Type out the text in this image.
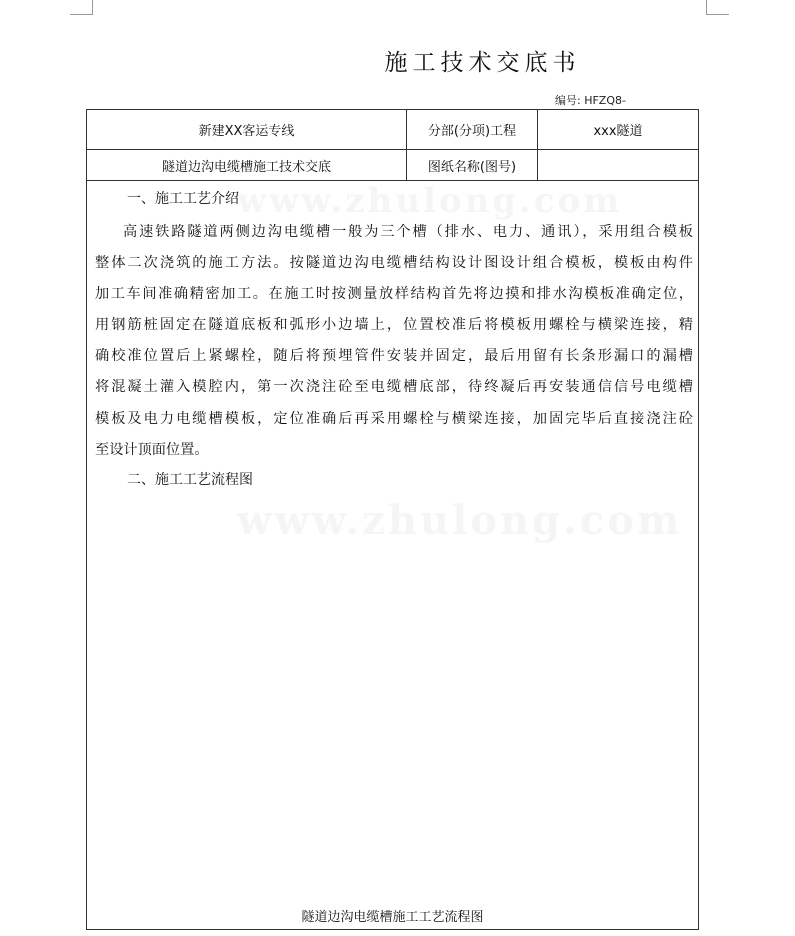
施工技术交底书
编号: HFZQ8-
新建XX客运专线	分部(分项)工程	xxx隧道
隧道边沟电缆槽施工技术交底	图纸名称(图号)
www.zhulong.com
www.zhulong.com
一、施工工艺介绍
高速铁路隧道两侧边沟电缆槽一般为三个槽（排水、电力、通讯），采用组合模板
整体二次浇筑的施工方法。按隧道边沟电缆槽结构设计图设计组合模板，模板由构件
加工车间准确精密加工。在施工时按测量放样结构首先将边摸和排水沟模板准确定位，
用钢筋桩固定在隧道底板和弧形小边墙上，位置校准后将模板用螺栓与横梁连接，精
确校准位置后上紧螺栓，随后将预埋管件安装并固定，最后用留有长条形漏口的漏槽
将混凝土灌入模腔内，第一次浇注砼至电缆槽底部，待终凝后再安装通信信号电缆槽
模板及电力电缆槽模板，定位准确后再采用螺栓与横梁连接，加固完毕后直接浇注砼
至设计顶面位置。
二、施工工艺流程图
隧道边沟电缆槽施工工艺流程图
